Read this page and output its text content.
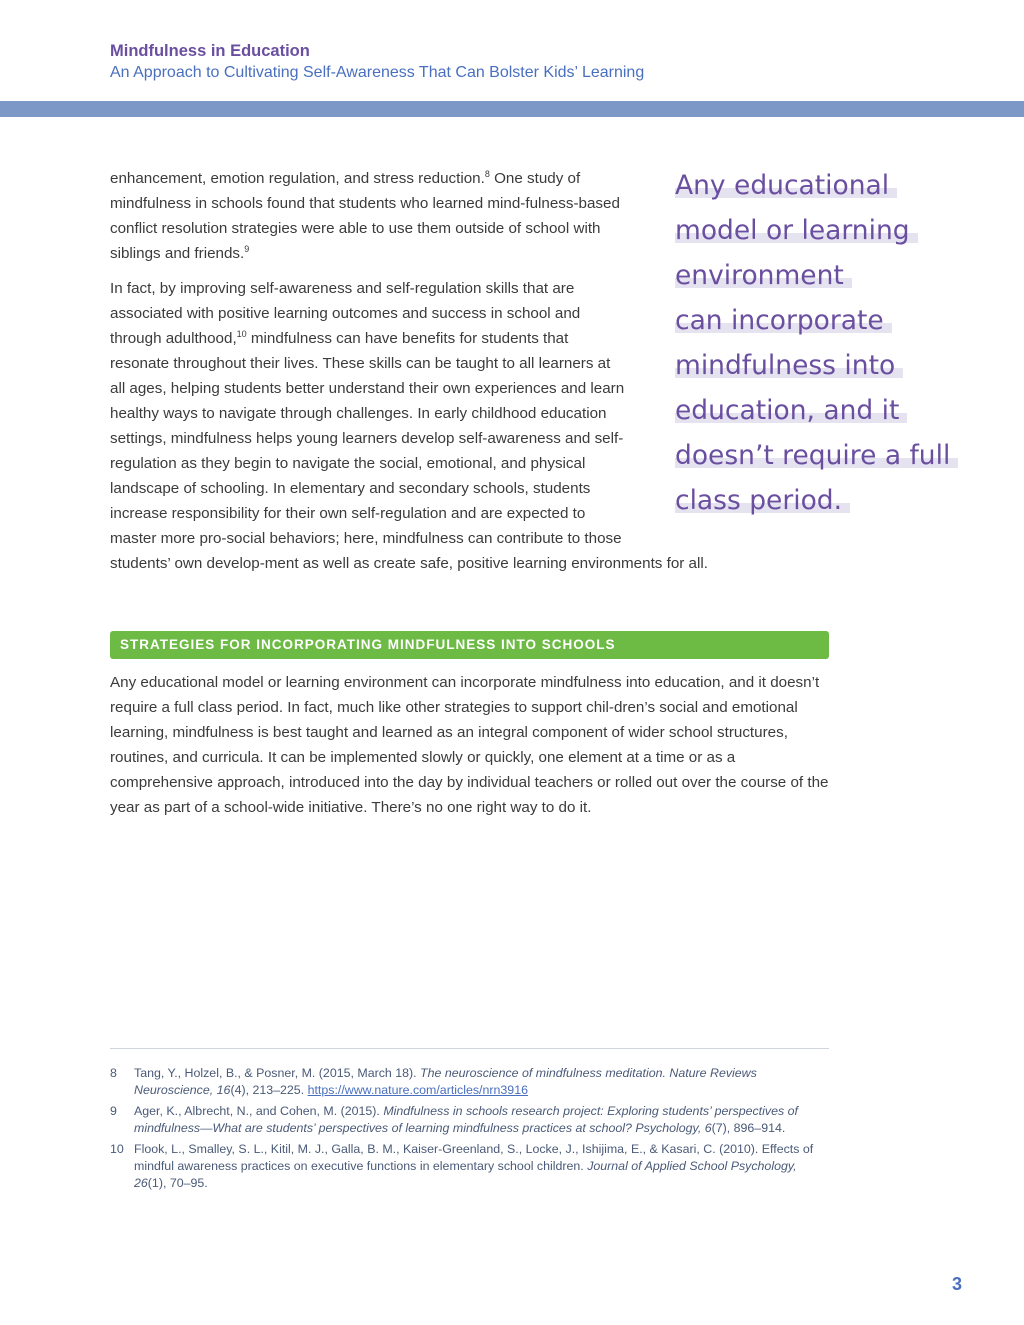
Mindfulness in Education
An Approach to Cultivating Self-Awareness That Can Bolster Kids’ Learning

enhancement, emotion regulation, and stress reduction.$^8$ One study of mindfulness in schools found that students who learned mind-fulness-based conflict resolution strategies were able to use them outside of school with siblings and friends.$^9$

In fact, by improving self-awareness and self-regulation skills that are associated with positive learning outcomes and success in school and through adulthood,$^{10}$ mindfulness can have benefits for students that resonate throughout their lives. These skills can be taught to all learners at all ages, helping students better understand their own experiences and learn healthy ways to navigate through challenges. In early childhood education settings, mindfulness helps young learners develop self-awareness and self-regulation as they begin to navigate the social, emotional, and physical landscape of schooling. In elementary and secondary schools, students increase responsibility for their own self-regulation and are expected to master more pro-social behaviors; here, mindfulness can contribute to those students’ own develop-ment as well as create safe, positive learning environments for all.

Any educational
model or learning
environment
can incorporate
mindfulness into
education, and it
doesn’t require a full
class period.
STRATEGIES FOR INCORPORATING MINDFULNESS INTO SCHOOLS

Any educational model or learning environment can incorporate mindfulness into education, and it doesn’t require a full class period. In fact, much like other strategies to support chil-dren’s social and emotional learning, mindfulness is best taught and learned as an integral component of wider school structures, routines, and curricula. It can be implemented slowly or quickly, one element at a time or as a comprehensive approach, introduced into the day by individual teachers or rolled out over the course of the year as part of a school-wide initiative. There’s no one right way to do it.

8 Tang, Y., Holzel, B., & Posner, M. (2015, March 18). The neuroscience of mindfulness meditation. Nature Reviews Neuroscience, 16(4), 213–225. https://www.nature.com/articles/nrn3916
9 Ager, K., Albrecht, N., and Cohen, M. (2015). Mindfulness in schools research project: Exploring students’ perspectives of mindfulness—What are students’ perspectives of learning mindfulness practices at school? Psychology, 6(7), 896–914.
10 Flook, L., Smalley, S. L., Kitil, M. J., Galla, B. M., Kaiser-Greenland, S., Locke, J., Ishijima, E., & Kasari, C. (2010). Effects of mindful awareness practices on executive functions in elementary school children. Journal of Applied School Psychology, 26(1), 70–95.
3
